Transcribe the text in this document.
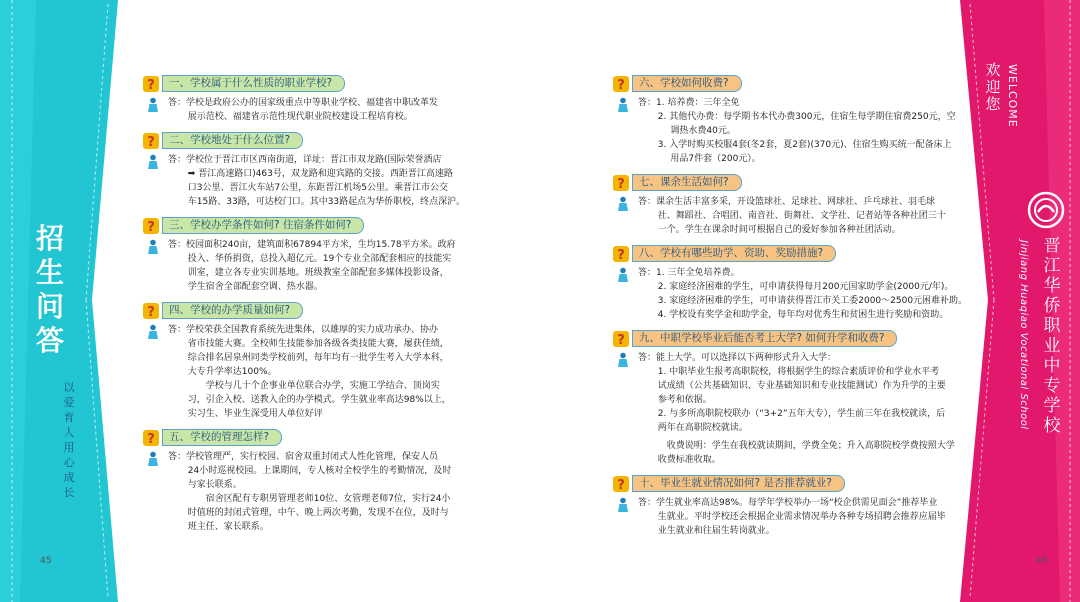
招生问答
以爱育人 用心成长
45
欢迎您 WELCOME
晋江华侨职业中专学校
Jinjiang Huaqiao Vocational School
46
?	一、学校属于什么性质的职业学校?
答：学校是政府公办的国家级重点中等职业学校、福建省中职改革发
展示范校、福建省示范性现代职业院校建设工程培育校。
?	二、学校地处于什么位置?
答：学校位于晋江市区西南街道，详址：晋江市双龙路(国际荣誉酒店
➡ 晋江高速路口)463号，双龙路和迎宾路的交接。西距晋江高速路
口3公里、晋江火车站7公里，东距晋江机场5公里。乘晋江市公交
车15路、33路，可达校门口。其中33路起点为华侨职校，终点深沪。
?	三、学校办学条件如何? 住宿条件如何?
答：校园面积240亩，建筑面积67894平方米，生均15.78平方米。政府
投入、华侨捐资，总投入超亿元。19个专业全部配套相应的技能实
训室，建立各专业实训基地。班级教室全部配套多媒体投影设备，
学生宿舍全部配套空调、热水器。
?	四、学校的办学质量如何?
答：学校荣获全国教育系统先进集体，以雄厚的实力成功承办、协办
省市技能大赛。全校师生技能参加各级各类技能大赛，屡获佳绩，
综合排名居泉州同类学校前列，每年均有一批学生考入大学本科，
大专升学率达100%。
学校与几十个企事业单位联合办学，实施工学结合、顶岗实
习，引企入校、送教入企的办学模式。学生就业率高达98%以上，
实习生、毕业生深受用人单位好评
?	五、学校的管理怎样?
答：学校管理严，实行校园、宿舍双重封闭式人性化管理，保安人员
24小时巡视校园。上课期间，专人核对全校学生的考勤情况，及时
与家长联系。
宿舍区配有专职男管理老师10位、女管理老师7位，实行24小
时值班的封闭式管理，中午、晚上两次考勤，发现不在位，及时与
班主任、家长联系。
?	六、学校如何收费?
答：1. 培养费：三年全免
2. 其他代办费：每学期书本代办费300元，住宿生每学期住宿费250元，空
调热水费40元。
3. 入学时购买校服4套(冬2套，夏2套)(370元)、住宿生购买统一配备床上
用品7件套（200元）。
?	七、课余生活如何?
答：课余生活丰富多采，开设篮球社、足球社、网球社、乒乓球社、羽毛球
社、舞蹈社、合唱团、南音社、街舞社、文学社、记者站等各种社团三十
一个。学生在课余时间可根据自己的爱好参加各种社团活动。
?	八、学校有哪些助学、资助、奖励措施?
答：1. 三年全免培养费。
2. 家庭经济困难的学生，可申请获得每月200元国家助学金(2000元/年)。
3. 家庭经济困难的学生，可申请获得晋江市关工委2000～2500元困难补助。
4. 学校设有奖学金和助学金，每年均对优秀生和贫困生进行奖励和资助。
?	九、中职学校毕业后能否考上大学? 如何升学和收费?
答：能上大学。可以选择以下两种形式升入大学：
1. 中职毕业生报考高职院校，将根据学生的综合素质评价和学业水平考
试成绩（公共基础知识、专业基础知识和专业技能测试）作为升学的主要
参考和依据。
2. 与多所高职院校联办（“3+2”五年大专），学生前三年在我校就读，后
两年在高职院校就读。
收费说明：学生在我校就读期间，学费全免；升入高职院校学费按照大学
收费标准收取。
?	十、毕业生就业情况如何? 是否推荐就业?
答：学生就业率高达98%。每学年学校举办一场“校企供需见面会”推荐毕业
生就业。平时学校还会根据企业需求情况举办各种专场招聘会推荐应届毕
业生就业和往届生转岗就业。
